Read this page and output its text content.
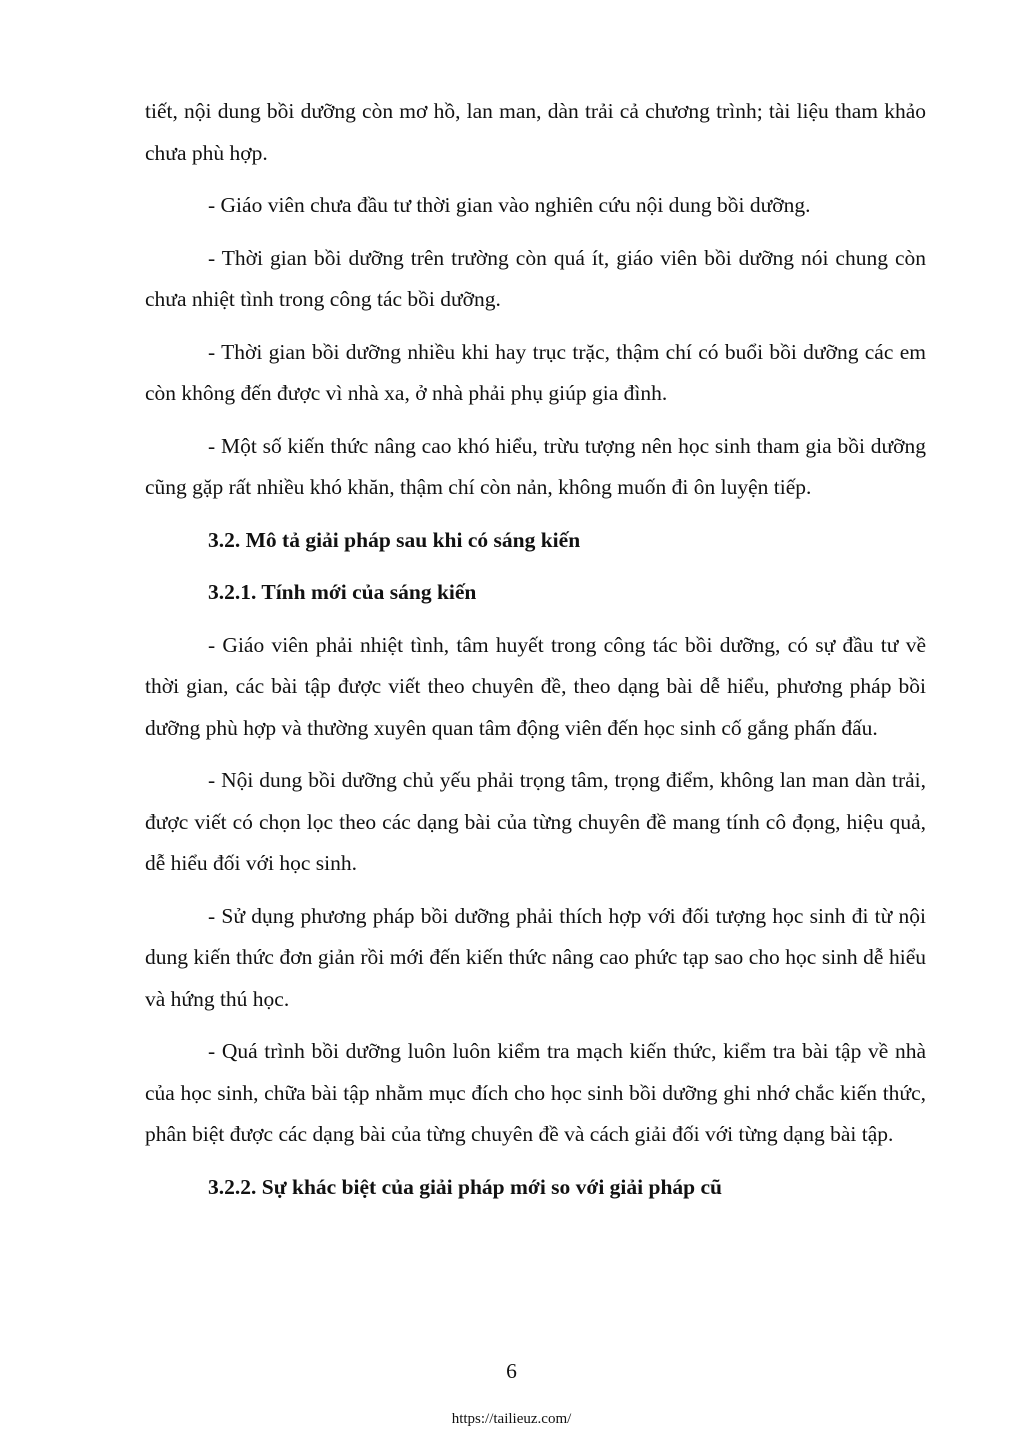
tiết, nội dung bồi dưỡng còn mơ hồ, lan man, dàn trải cả chương trình; tài liệu tham khảo chưa phù hợp.

- Giáo viên chưa đầu tư thời gian vào nghiên cứu nội dung bồi dưỡng.

- Thời gian bồi dưỡng trên trường còn quá ít, giáo viên bồi dưỡng nói chung còn chưa nhiệt tình trong công tác bồi dưỡng.

- Thời gian bồi dưỡng nhiều khi hay trục trặc, thậm chí có buổi bồi dưỡng các em còn không đến được vì nhà xa, ở nhà phải phụ giúp gia đình.

- Một số kiến thức nâng cao khó hiểu, trừu tượng nên học sinh tham gia bồi dưỡng cũng gặp rất nhiều khó khăn, thậm chí còn nản, không muốn đi ôn luyện tiếp.

3.2. Mô tả giải pháp sau khi có sáng kiến

3.2.1. Tính mới của sáng kiến

- Giáo viên phải nhiệt tình, tâm huyết trong công tác bồi dưỡng, có sự đầu tư về thời gian, các bài tập được viết theo chuyên đề, theo dạng bài dễ hiểu, phương pháp bồi dưỡng phù hợp và thường xuyên quan tâm động viên đến học sinh cố gắng phấn đấu.

- Nội dung bồi dưỡng chủ yếu phải trọng tâm, trọng điểm, không lan man dàn trải, được viết có chọn lọc theo các dạng bài của từng chuyên đề mang tính cô đọng, hiệu quả, dễ hiểu đối với học sinh.

- Sử dụng phương pháp bồi dưỡng phải thích hợp với đối tượng học sinh đi từ nội dung kiến thức đơn giản rồi mới đến kiến thức nâng cao phức tạp sao cho học sinh dễ hiểu và hứng thú học.

- Quá trình bồi dưỡng luôn luôn kiểm tra mạch kiến thức, kiểm tra bài tập về nhà của học sinh, chữa bài tập nhằm mục đích cho học sinh bồi dưỡng ghi nhớ chắc kiến thức, phân biệt được các dạng bài của từng chuyên đề và cách giải đối với từng dạng bài tập.

3.2.2. Sự khác biệt của giải pháp mới so với giải pháp cũ

6
https://tailieuz.com/
